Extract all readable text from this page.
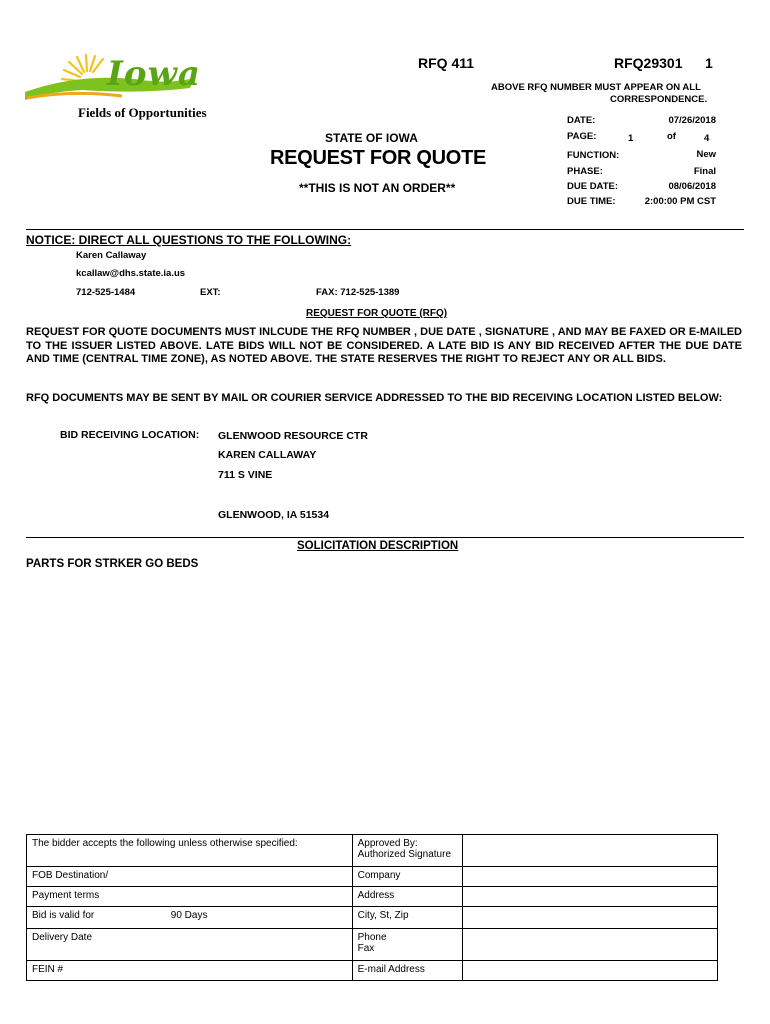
Iowa
Fields of Opportunities
RFQ 411	RFQ29301 1
ABOVE RFQ NUMBER MUST APPEAR ON ALL
CORRESPONDENCE.
STATE OF IOWA
REQUEST FOR QUOTE
**THIS IS NOT AN ORDER**
DATE:	07/26/2018
PAGE:	1	of	4
FUNCTION:	New
PHASE:	Final
DUE DATE:	08/06/2018
DUE TIME:	2:00:00 PM CST
NOTICE: DIRECT ALL QUESTIONS TO THE FOLLOWING:
Karen Callaway
kcallaw@dhs.state.ia.us
712-525-1484	EXT:	FAX: 712-525-1389
REQUEST FOR QUOTE (RFQ)
REQUEST FOR QUOTE DOCUMENTS MUST INLCUDE THE RFQ NUMBER , DUE DATE , SIGNATURE , AND MAY BE FAXED OR E-MAILED TO THE ISSUER LISTED ABOVE. LATE BIDS WILL NOT BE CONSIDERED. A LATE BID IS ANY BID RECEIVED AFTER THE DUE DATE AND TIME (CENTRAL TIME ZONE), AS NOTED ABOVE. THE STATE RESERVES THE RIGHT TO REJECT ANY OR ALL BIDS.
RFQ DOCUMENTS MAY BE SENT BY MAIL OR COURIER SERVICE ADDRESSED TO THE BID RECEIVING LOCATION LISTED BELOW:
BID RECEIVING LOCATION: GLENWOOD RESOURCE CTR
KAREN CALLAWAY
711 S VINE
GLENWOOD, IA 51534
SOLICITATION DESCRIPTION
PARTS FOR STRKER GO BEDS
The bidder accepts the following unless otherwise specified:	Approved By:
Authorized Signature	

FOB Destination/	Company	
Payment terms	Address	
Bid is valid for 90 Days	City, St, Zip	
Delivery Date	Phone
Fax	

FEIN #	E-mail Address	
